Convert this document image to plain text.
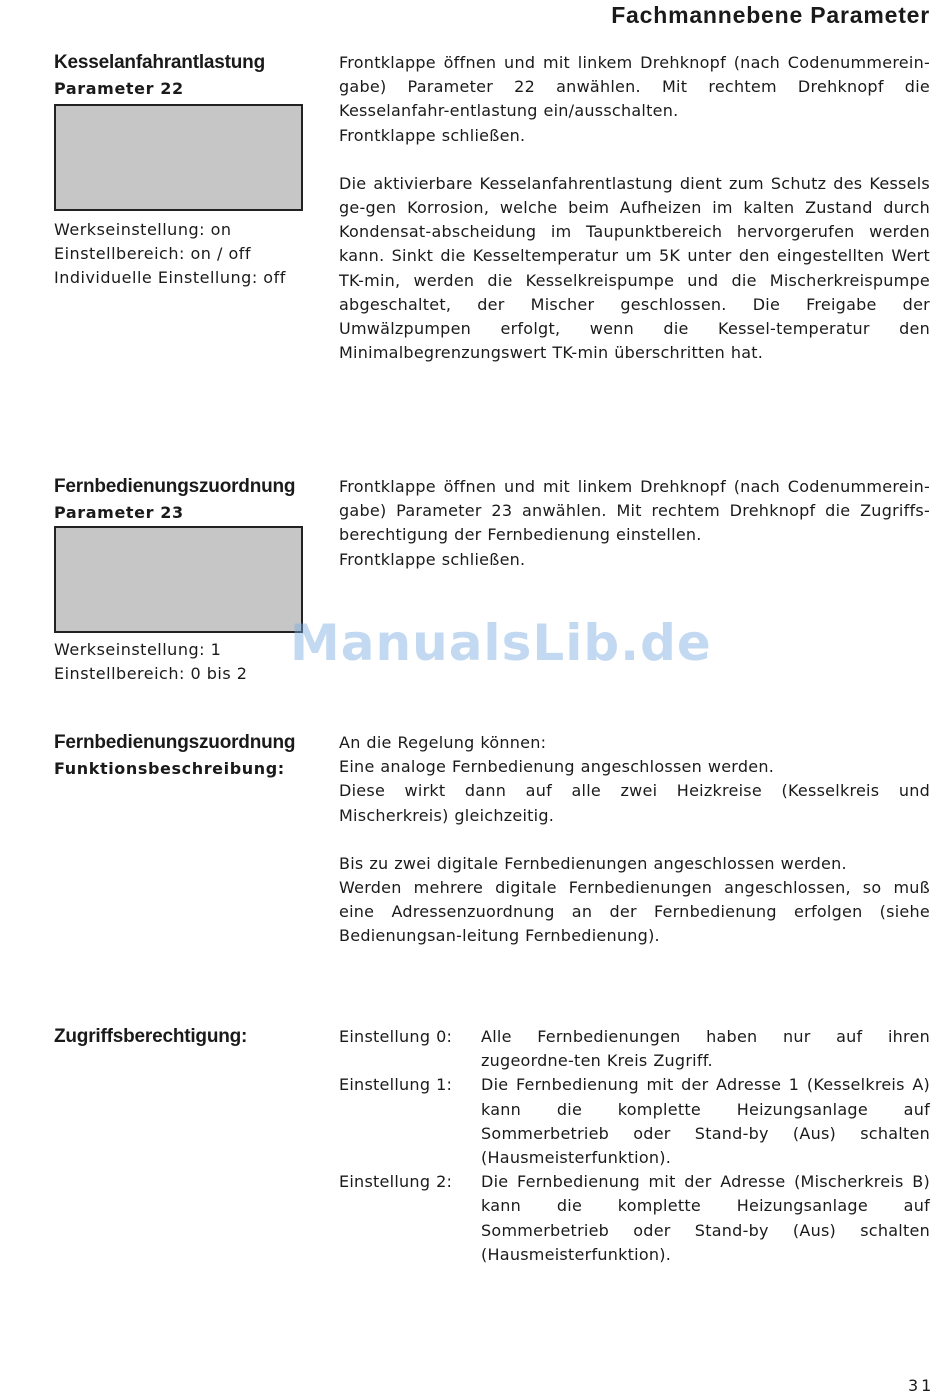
Fachmannebene Parameter
Kesselanfahrantlastung
Parameter 22
Werkseinstellung: on
Einstellbereich: on / off
Individuelle Einstellung: off

Frontklappe öffnen und mit linkem Drehknopf (nach Codenummerein-gabe) Parameter 22 anwählen. Mit rechtem Drehknopf die Kesselanfahr-entlastung ein/ausschalten.

Frontklappe schließen.

Die aktivierbare Kesselanfahrentlastung dient zum Schutz des Kessels ge-gen Korrosion, welche beim Aufheizen im kalten Zustand durch Kondensat-abscheidung im Taupunktbereich hervorgerufen werden kann. Sinkt die Kesseltemperatur um 5K unter den eingestellten Wert TK-min, werden die Kesselkreispumpe und die Mischerkreispumpe abgeschaltet, der Mischer geschlossen. Die Freigabe der Umwälzpumpen erfolgt, wenn die Kessel-temperatur den Minimalbegrenzungswert TK-min überschritten hat.

Fernbedienungszuordnung
Parameter 23
Werkseinstellung: 1
Einstellbereich: 0 bis 2

Frontklappe öffnen und mit linkem Drehknopf (nach Codenummerein-gabe) Parameter 23 anwählen. Mit rechtem Drehknopf die Zugriffs-berechtigung der Fernbedienung einstellen.

Frontklappe schließen.

ManualsLib.de
Fernbedienungszuordnung
Funktionsbeschreibung:

An die Regelung können:

Eine analoge Fernbedienung angeschlossen werden.

Diese wirkt dann auf alle zwei Heizkreise (Kesselkreis und Mischerkreis) gleichzeitig.

Bis zu zwei digitale Fernbedienungen angeschlossen werden.

Werden mehrere digitale Fernbedienungen angeschlossen, so muß eine Adressenzuordnung an der Fernbedienung erfolgen (siehe Bedienungsan-leitung Fernbedienung).

Zugriffsberechtigung:	Einstellung 0:	Alle Fernbedienungen haben nur auf ihren zugeordne-ten Kreis Zugriff.
Einstellung 1:	Die Fernbedienung mit der Adresse 1 (Kesselkreis A) kann die komplette Heizungsanlage auf Sommerbetrieb oder Stand-by (Aus) schalten (Hausmeisterfunktion).
Einstellung 2:	Die Fernbedienung mit der Adresse (Mischerkreis B) kann die komplette Heizungsanlage auf Sommerbetrieb oder Stand-by (Aus) schalten (Hausmeisterfunktion).
31
